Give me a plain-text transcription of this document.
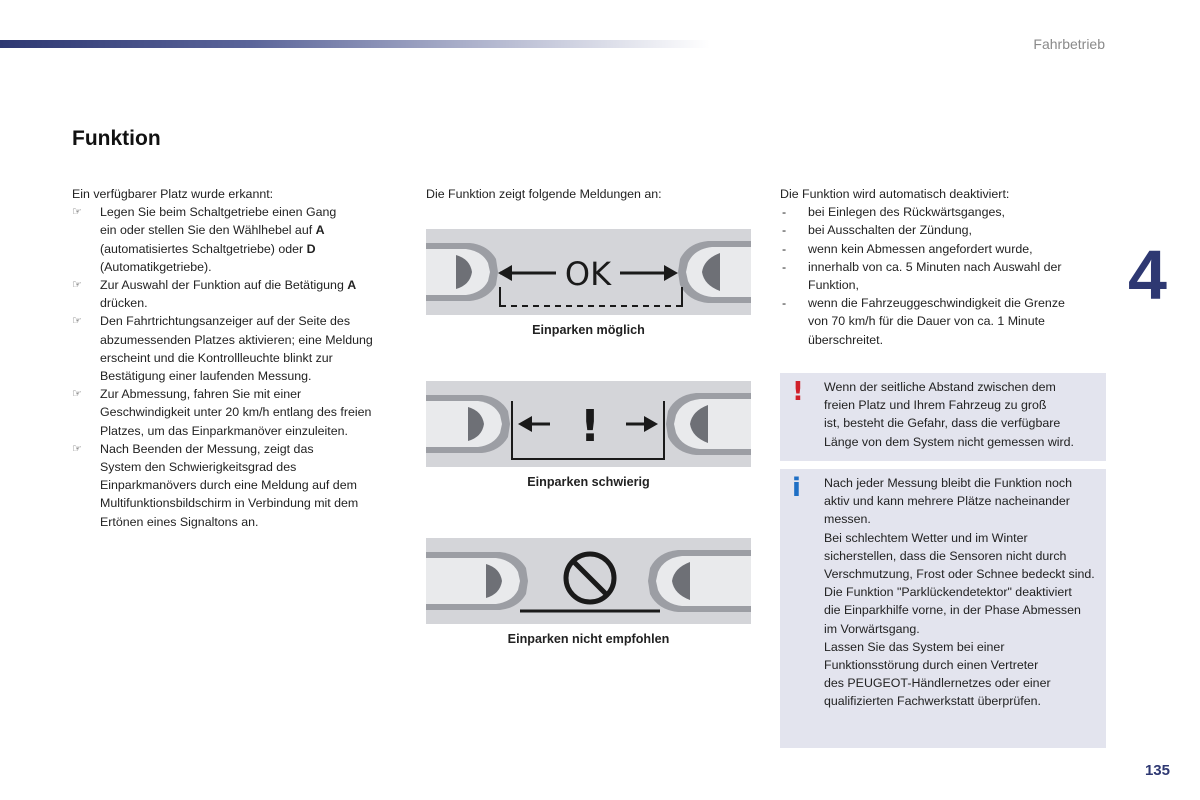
Fahrbetrieb
4
Funktion

Ein verfügbarer Platz wurde erkannt:

☞	Legen Sie beim Schaltgetriebe einen Gang
ein oder stellen Sie den Wählhebel auf A
(automatisiertes Schaltgetriebe) oder D
(Automatikgetriebe).

☞	Zur Auswahl der Funktion auf die Betätigung A
drücken.

☞	Den Fahrtrichtungsanzeiger auf der Seite des
abzumessenden Platzes aktivieren; eine Meldung
erscheint und die Kontrollleuchte blinkt zur
Bestätigung einer laufenden Messung.

☞	Zur Abmessung, fahren Sie mit einer
Geschwindigkeit unter 20 km/h entlang des freien
Platzes, um das Einparkmanöver einzuleiten.

☞	Nach Beenden der Messung, zeigt das
System den Schwierigkeitsgrad des
Einparkmanövers durch eine Meldung auf dem
Multifunktionsbildschirm in Verbindung mit dem
Ertönen eines Signaltons an.

Die Funktion zeigt folgende Meldungen an:
OK
Einparken möglich
!
Einparken schwierig
Einparken nicht empfohlen

Die Funktion wird automatisch deaktiviert:

- bei Einlegen des Rückwärtsganges,
- bei Ausschalten der Zündung,
- wenn kein Abmessen angefordert wurde,
- innerhalb von ca. 5 Minuten nach Auswahl der
Funktion,
- wenn die Fahrzeuggeschwindigkeit die Grenze
von 70 km/h für die Dauer von ca. 1 Minute
überschreitet.
! Wenn der seitliche Abstand zwischen dem

freien Platz und Ihrem Fahrzeug zu groß

ist, besteht die Gefahr, dass die verfügbare

Länge von dem System nicht gemessen wird.

i Nach jeder Messung bleibt die Funktion noch

aktiv und kann mehrere Plätze nacheinander

messen.

Bei schlechtem Wetter und im Winter

sicherstellen, dass die Sensoren nicht durch

Verschmutzung, Frost oder Schnee bedeckt sind.

Die Funktion "Parklückendetektor" deaktiviert

die Einparkhilfe vorne, in der Phase Abmessen

im Vorwärtsgang.

Lassen Sie das System bei einer

Funktionsstörung durch einen Vertreter

des PEUGEOT-Händlernetzes oder einer

qualifizierten Fachwerkstatt überprüfen.

135
